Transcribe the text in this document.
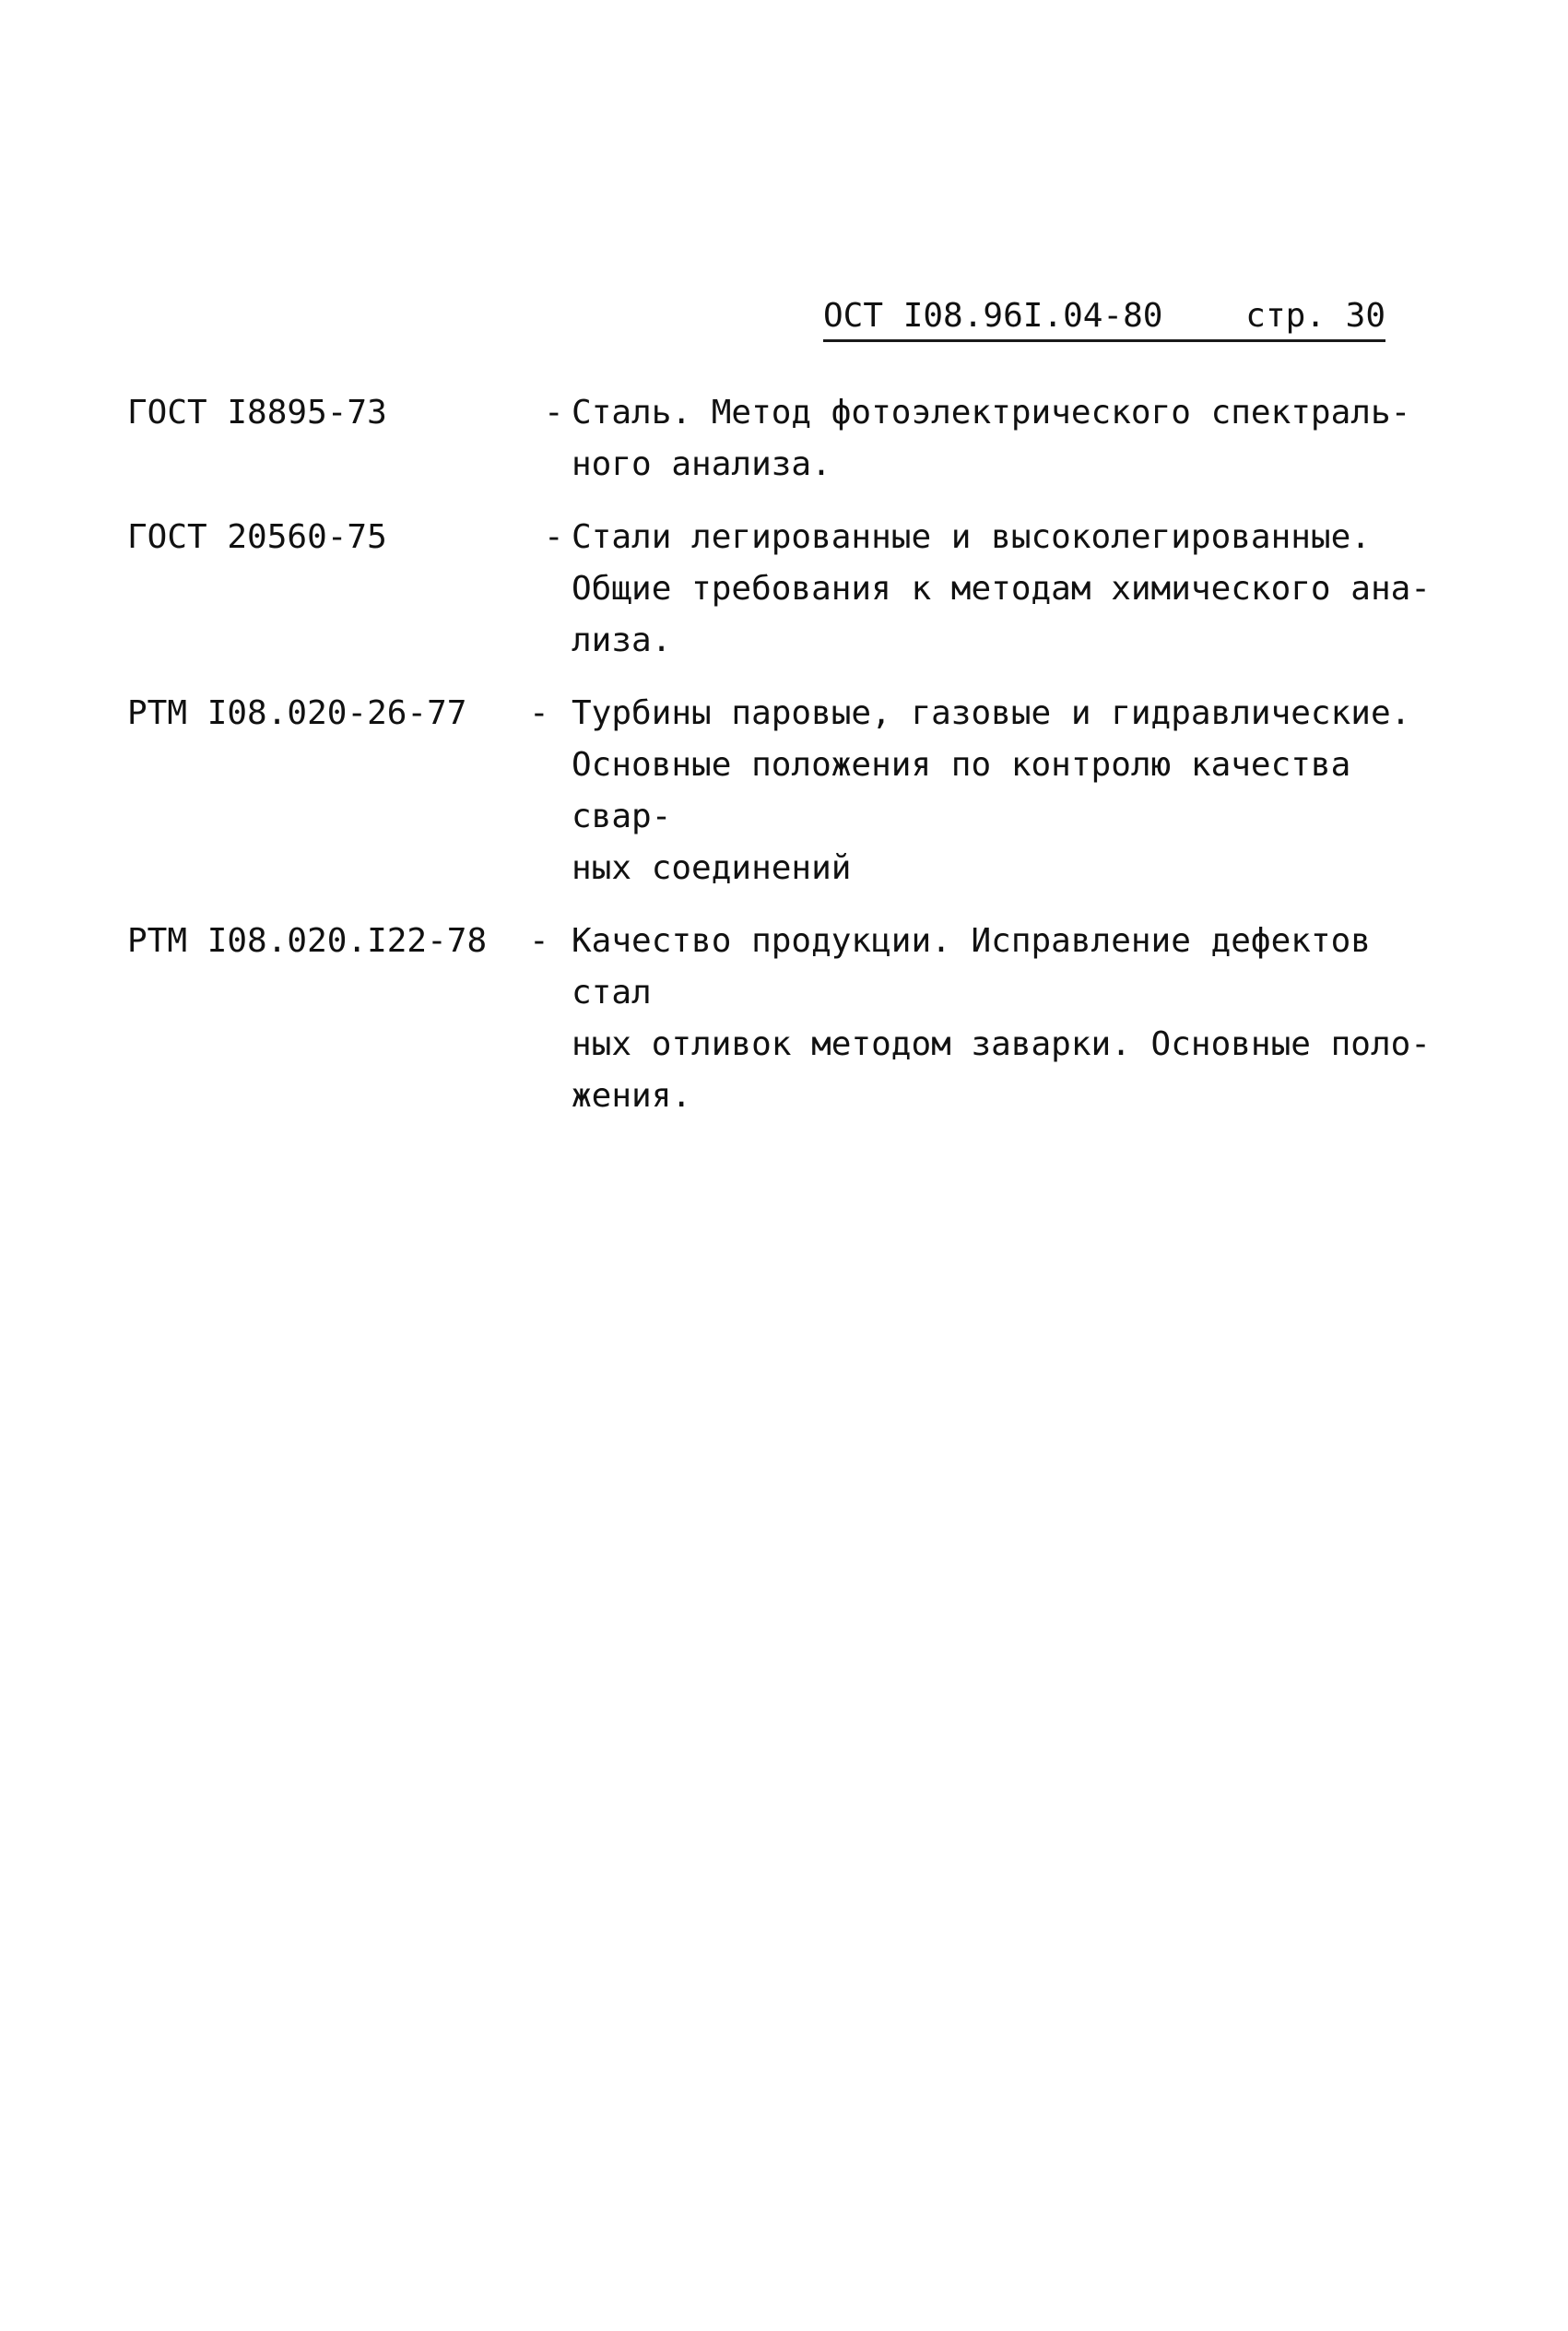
ОСТ I08.96I.04-80 стр. 30
ГОСТ I8895-73	- Сталь. Метод фотоэлектрического спектраль-
ного анализа.
ГОСТ 20560-75	- Стали легированные и высоколегированные.
Общие требования к методам химического ана-
лиза.
РТМ I08.020-26-77 - Турбины паровые, газовые и гидравлические.
Основные положения по контролю качества свар-
ных соединений
РТМ I08.020.I22-78 - Качество продукции. Исправление дефектов стал
ных отливок методом заварки. Основные поло-
жения.
